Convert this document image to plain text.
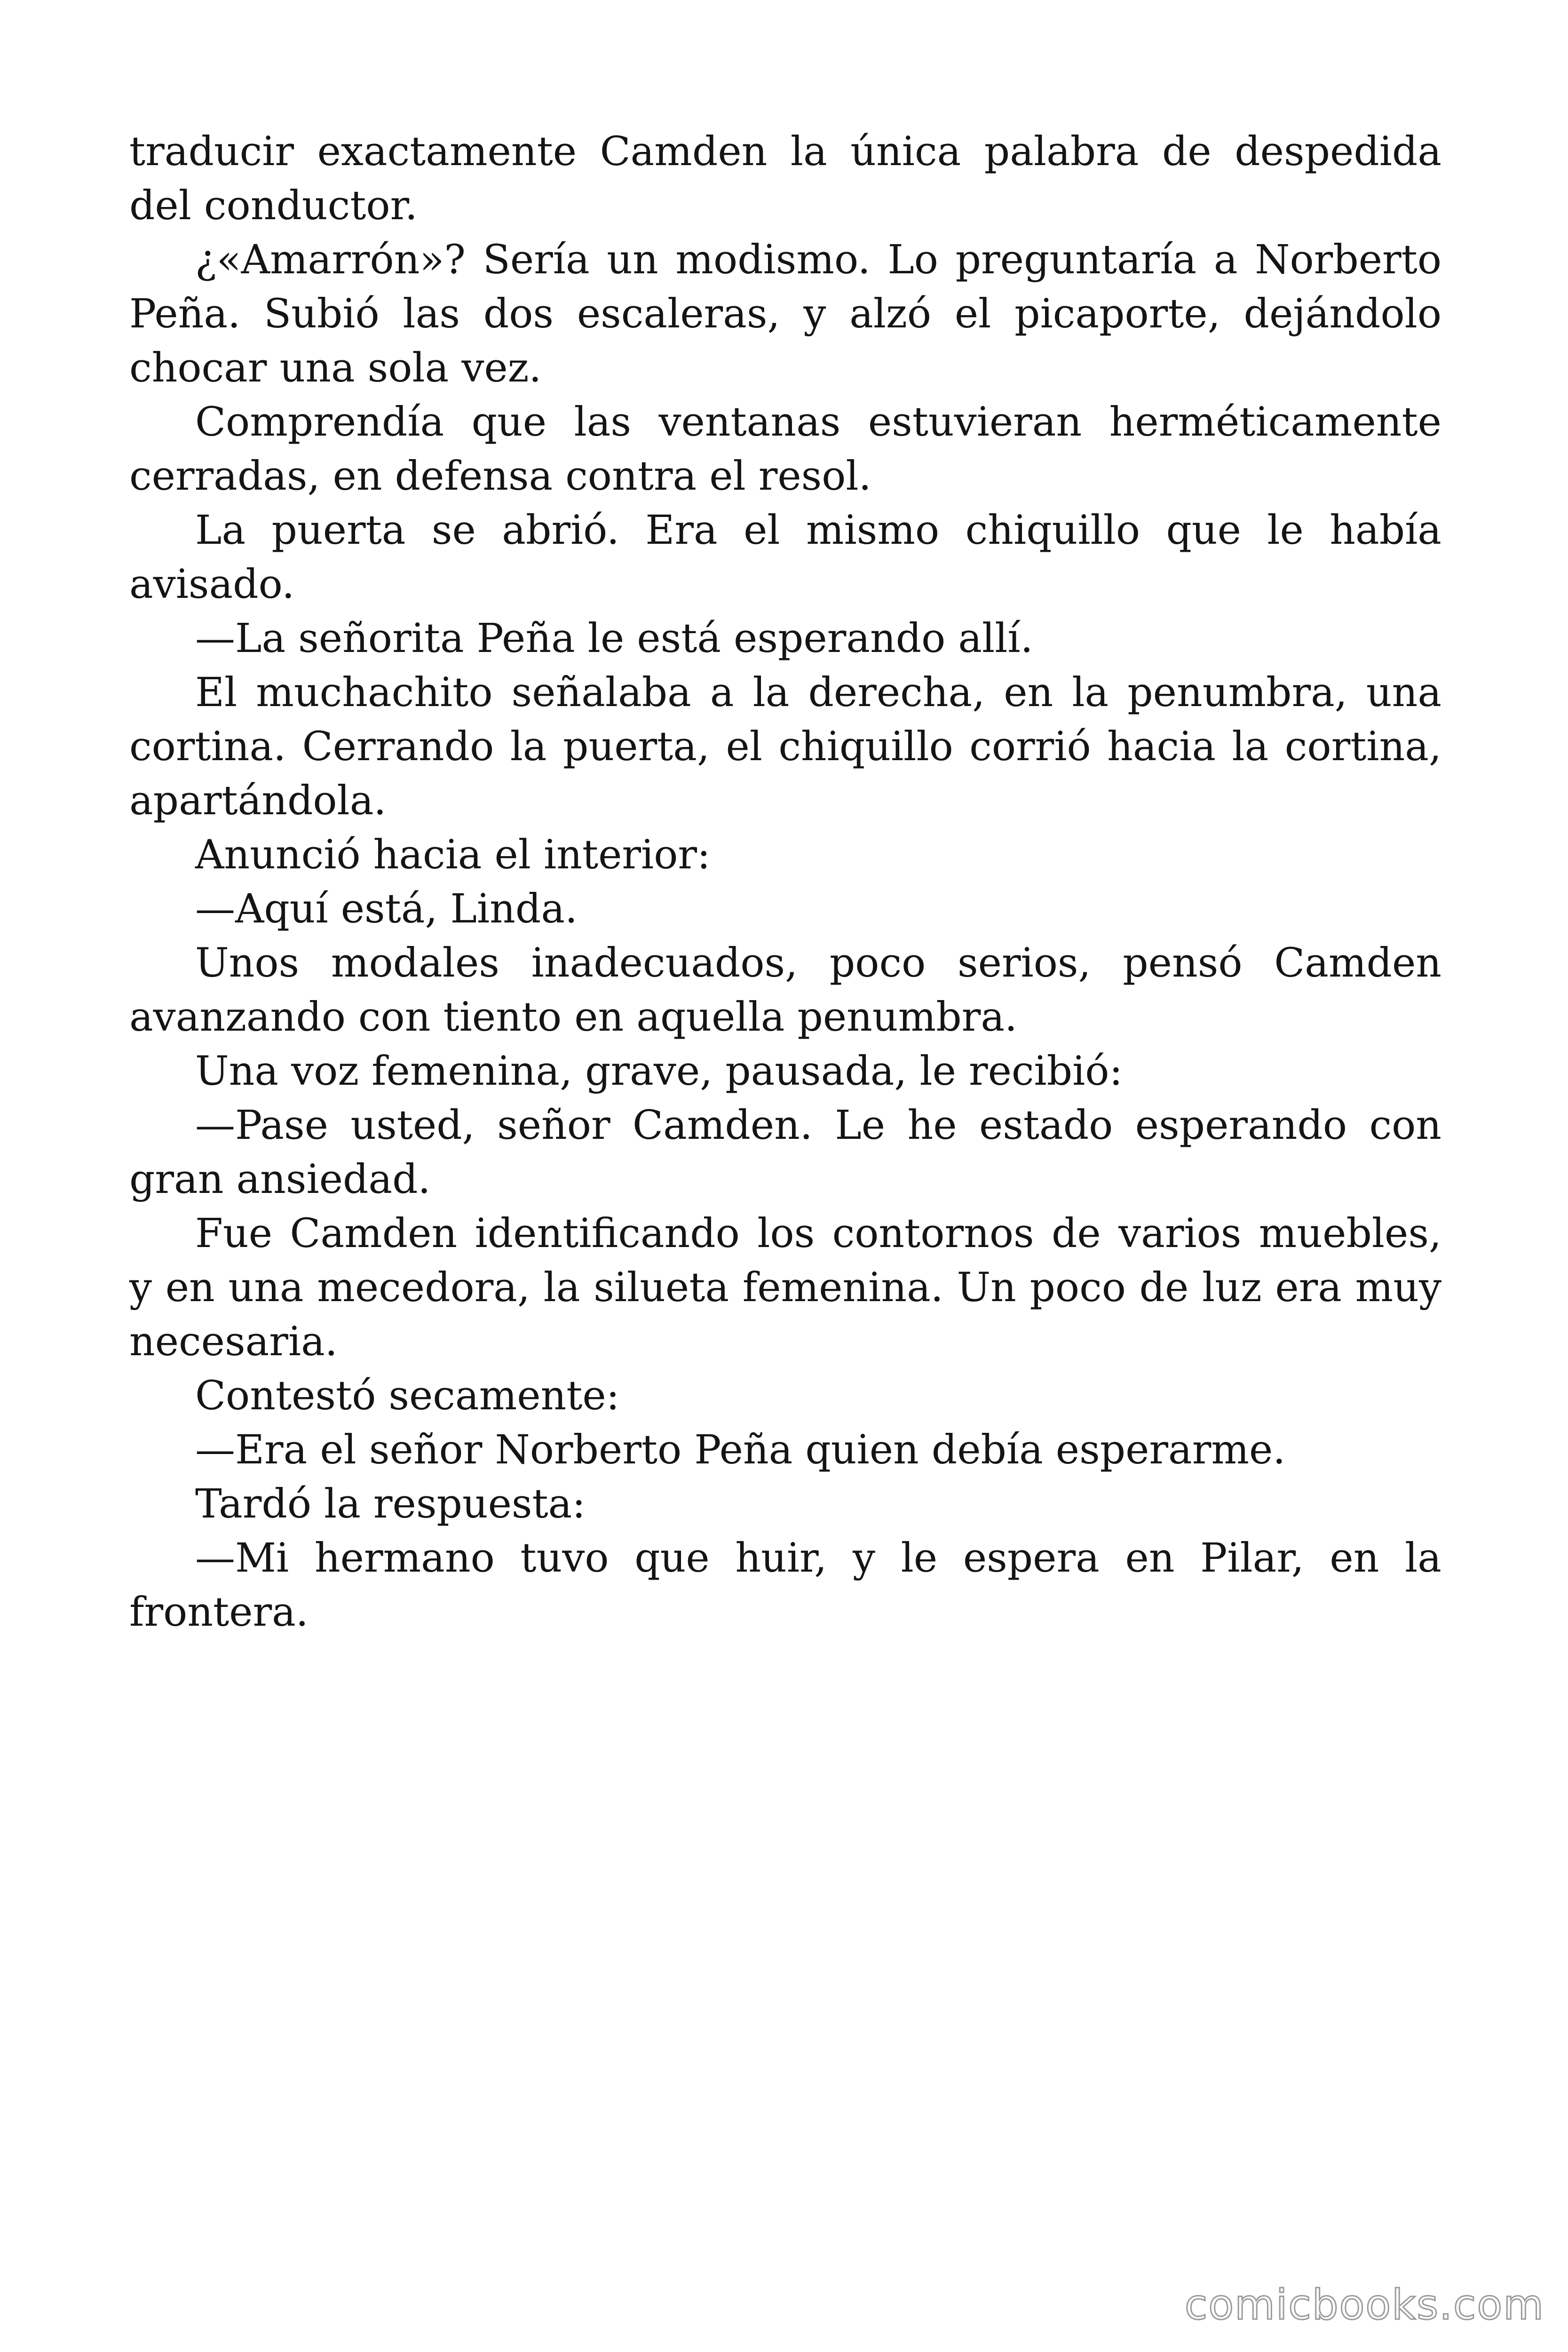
traducir exactamente Camden la única palabra de despedida del conductor.

¿«Amarrón»? Sería un modismo. Lo preguntaría a Norberto Peña. Subió las dos escaleras, y alzó el picaporte, dejándolo chocar una sola vez.

Comprendía que las ventanas estuvieran herméticamente cerradas, en defensa contra el resol.

La puerta se abrió. Era el mismo chiquillo que le había avisado.

—La señorita Peña le está esperando allí.

El muchachito señalaba a la derecha, en la penumbra, una cortina. Cerrando la puerta, el chiquillo corrió hacia la cortina, apartándola.

Anunció hacia el interior:

—Aquí está, Linda.

Unos modales inadecuados, poco serios, pensó Camden avanzando con tiento en aquella penumbra.

Una voz femenina, grave, pausada, le recibió:

—Pase usted, señor Camden. Le he estado esperando con gran ansiedad.

Fue Camden identificando los contornos de varios muebles, y en una mecedora, la silueta femenina. Un poco de luz era muy necesaria.

Contestó secamente:

—Era el señor Norberto Peña quien debía esperarme.

Tardó la respuesta:

—Mi hermano tuvo que huir, y le espera en Pilar, en la frontera.

comicbooks.com
